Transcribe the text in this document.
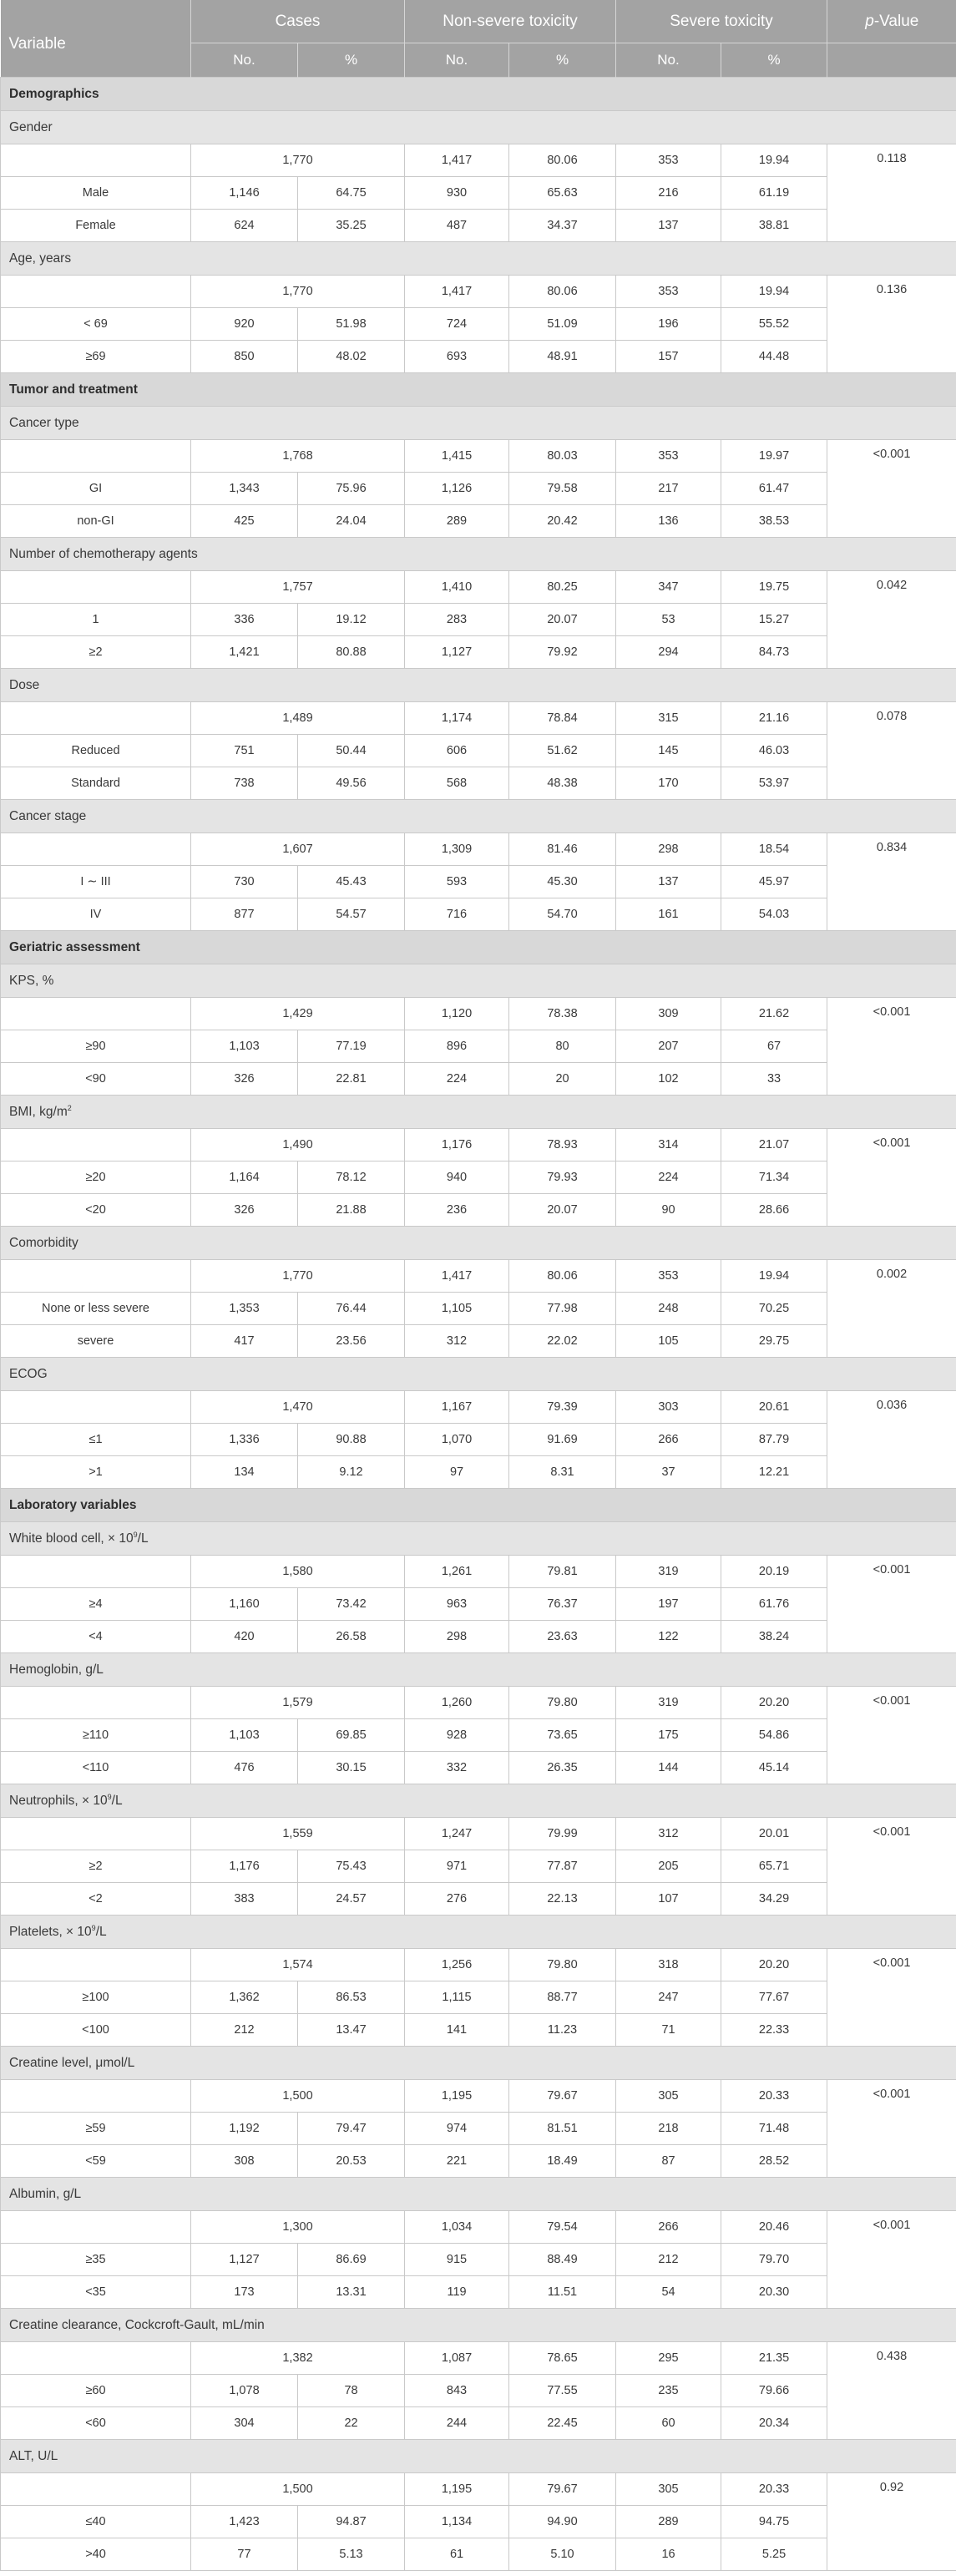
Variable	Cases		Non-severe toxicity		Severe toxicity		p-Value
	No.	%	No.	%	No.	%	
Demographics							
Gender							
	1,770		1,417	80.06	353	19.94	0.118
Male	1,146	64.75	930	65.63	216	61.19	
Female	624	35.25	487	34.37	137	38.81	
Age, years							
	1,770		1,417	80.06	353	19.94	0.136
< 69	920	51.98	724	51.09	196	55.52	
≥69	850	48.02	693	48.91	157	44.48	
Tumor and treatment							
Cancer type							
	1,768		1,415	80.03	353	19.97	<0.001
GI	1,343	75.96	1,126	79.58	217	61.47	
non-GI	425	24.04	289	20.42	136	38.53	
Number of chemotherapy agents							
	1,757		1,410	80.25	347	19.75	0.042
1	336	19.12	283	20.07	53	15.27	
≥2	1,421	80.88	1,127	79.92	294	84.73	
Dose							
	1,489		1,174	78.84	315	21.16	0.078
Reduced	751	50.44	606	51.62	145	46.03	
Standard	738	49.56	568	48.38	170	53.97	
Cancer stage							
	1,607		1,309	81.46	298	18.54	0.834
I ∼ III	730	45.43	593	45.30	137	45.97	
IV	877	54.57	716	54.70	161	54.03	
Geriatric assessment							
KPS, %							
	1,429		1,120	78.38	309	21.62	<0.001
≥90	1,103	77.19	896	80	207	67	
<90	326	22.81	224	20	102	33	
BMI, $kg/m^2$
	1,490		1,176	78.93	314	21.07	<0.001
≥20	1,164	78.12	940	79.93	224	71.34	
<20	326	21.88	236	20.07	90	28.66	
Comorbidity							
	1,770		1,417	80.06	353	19.94	0.002
None or less severe	1,353	76.44	1,105	77.98	248	70.25	
severe	417	23.56	312	22.02	105	29.75	
ECOG							
	1,470		1,167	79.39	303	20.61	0.036
≤1	1,336	90.88	1,070	91.69	266	87.79	
>1	134	9.12	97	8.31	37	12.21	
Laboratory variables							
White blood cell, × $10^9/L$							
	1,580		1,261	79.81	319	20.19	<0.001
≥4	1,160	73.42	963	76.37	197	61.76	
<4	420	26.58	298	23.63	122	38.24	
Hemoglobin, g/L							
	1,579		1,260	79.80	319	20.20	<0.001
≥110	1,103	69.85	928	73.65	175	54.86	
<110	476	30.15	332	26.35	144	45.14	
Neutrophils, × $10^9/L$							
	1,559		1,247	79.99	312	20.01	<0.001
≥2	1,176	75.43	971	77.87	205	65.71	
<2	383	24.57	276	22.13	107	34.29	
Platelets, × $10^9/L$							
	1,574		1,256	79.80	318	20.20	<0.001
≥100	1,362	86.53	1,115	88.77	247	77.67	
<100	212	13.47	141	11.23	71	22.33	
Creatine level, μmol/L							
	1,500		1,195	79.67	305	20.33	<0.001
≥59	1,192	79.47	974	81.51	218	71.48	
<59	308	20.53	221	18.49	87	28.52	
Albumin, g/L							
	1,300		1,034	79.54	266	20.46	<0.001
≥35	1,127	86.69	915	88.49	212	79.70	
<35	173	13.31	119	11.51	54	20.30	
Creatine clearance, Cockcroft-Gault, mL/min							
	1,382		1,087	78.65	295	21.35	0.438
≥60	1,078	78	843	77.55	235	79.66	
<60	304	22	244	22.45	60	20.34	
ALT, U/L							
	1,500		1,195	79.67	305	20.33	0.92
≤40	1,423	94.87	1,134	94.90	289	94.75	
>40	77	5.13	61	5.10	16	5.25	
